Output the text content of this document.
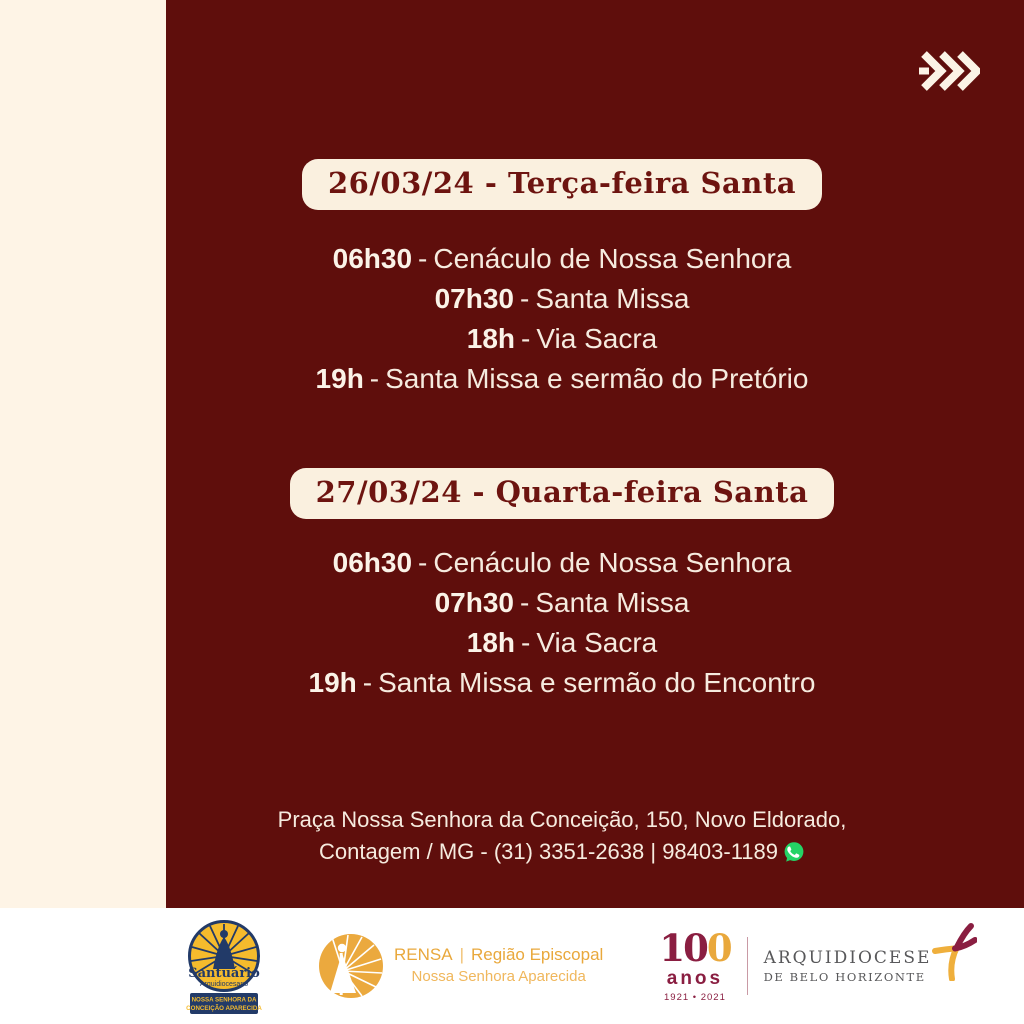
26/03/24 - Terça-feira Santa
06h30 - Cenáculo de Nossa Senhora
07h30 - Santa Missa
18h - Via Sacra
19h - Santa Missa e sermão do Pretório
27/03/24 - Quarta-feira Santa
06h30 - Cenáculo de Nossa Senhora
07h30 - Santa Missa
18h - Via Sacra
19h - Santa Missa e sermão do Encontro
Praça Nossa Senhora da Conceição, 150, Novo Eldorado,
Contagem / MG - (31) 3351-2638 | 98403-1189
Santuário
Arquidiocesano
NOSSA SENHORA DA
CONCEIÇÃO APARECIDA
RENSA | Região Episcopal
Nossa Senhora Aparecida
100
anos
1921 • 2021
ARQUIDIOCESE
DE BELO HORIZONTE
